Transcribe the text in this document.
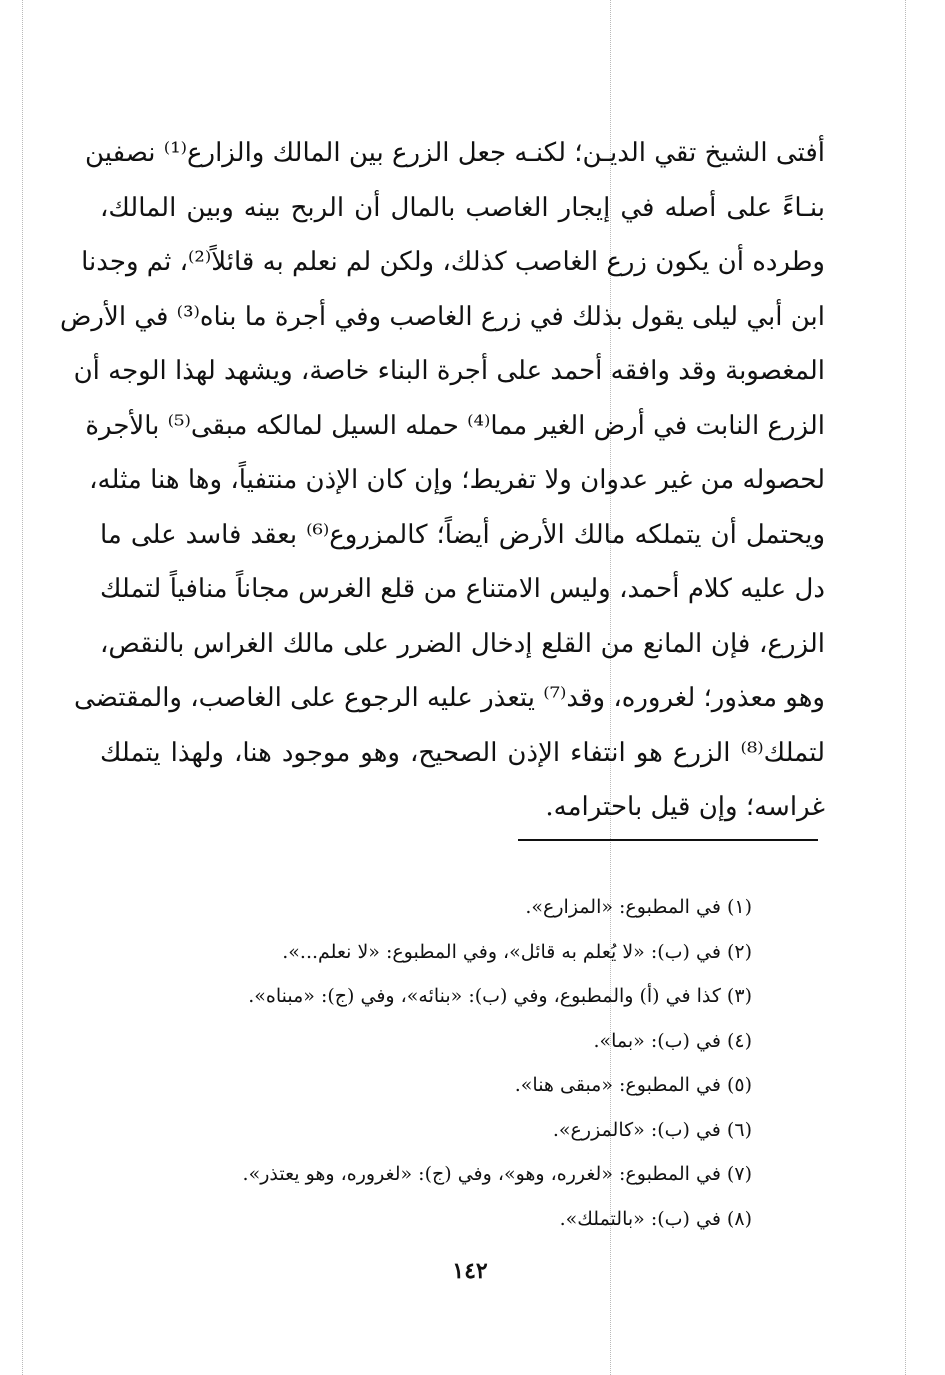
أفتى الشيخ تقي الديـن؛ لكنـه جعل الزرع بين المالك والزارع⁽¹⁾ نصفين
بنـاءً على أصله في إيجار الغاصب بالمال أن الربح بينه وبين المالك،
وطرده أن يكون زرع الغاصب كذلك، ولكن لم نعلم به قائلاً⁽²⁾، ثم وجدنا
ابن أبي ليلى يقول بذلك في زرع الغاصب وفي أجرة ما بناه⁽³⁾ في الأرض
المغصوبة وقد وافقه أحمد على أجرة البناء خاصة، ويشهد لهذا الوجه أن
الزرع النابت في أرض الغير مما⁽⁴⁾ حمله السيل لمالكه مبقى⁽⁵⁾ بالأجرة
لحصوله من غير عدوان ولا تفريط؛ وإن كان الإذن منتفياً، وها هنا مثله،
ويحتمل أن يتملكه مالك الأرض أيضاً؛ كالمزروع⁽⁶⁾ بعقد فاسد على ما
دل عليه كلام أحمد، وليس الامتناع من قلع الغرس مجاناً منافياً لتملك
الزرع، فإن المانع من القلع إدخال الضرر على مالك الغراس بالنقص،
وهو معذور؛ لغروره، وقد⁽⁷⁾ يتعذر عليه الرجوع على الغاصب، والمقتضى
لتملك⁽⁸⁾ الزرع هو انتفاء الإذن الصحيح، وهو موجود هنا، ولهذا يتملك
غراسه؛ وإن قيل باحترامه.
(١) في المطبوع: «المزارع».
(٢) في (ب): «لا يُعلم به قائل»، وفي المطبوع: «لا نعلم...».
(٣) كذا في (أ) والمطبوع، وفي (ب): «بنائه»، وفي (ج): «مبناه».
(٤) في (ب): «بما».
(٥) في المطبوع: «مبقى هنا».
(٦) في (ب): «كالمزرع».
(٧) في المطبوع: «لغرره، وهو»، وفي (ج): «لغروره، وهو يعتذر».
(٨) في (ب): «بالتملك».
١٤٢
